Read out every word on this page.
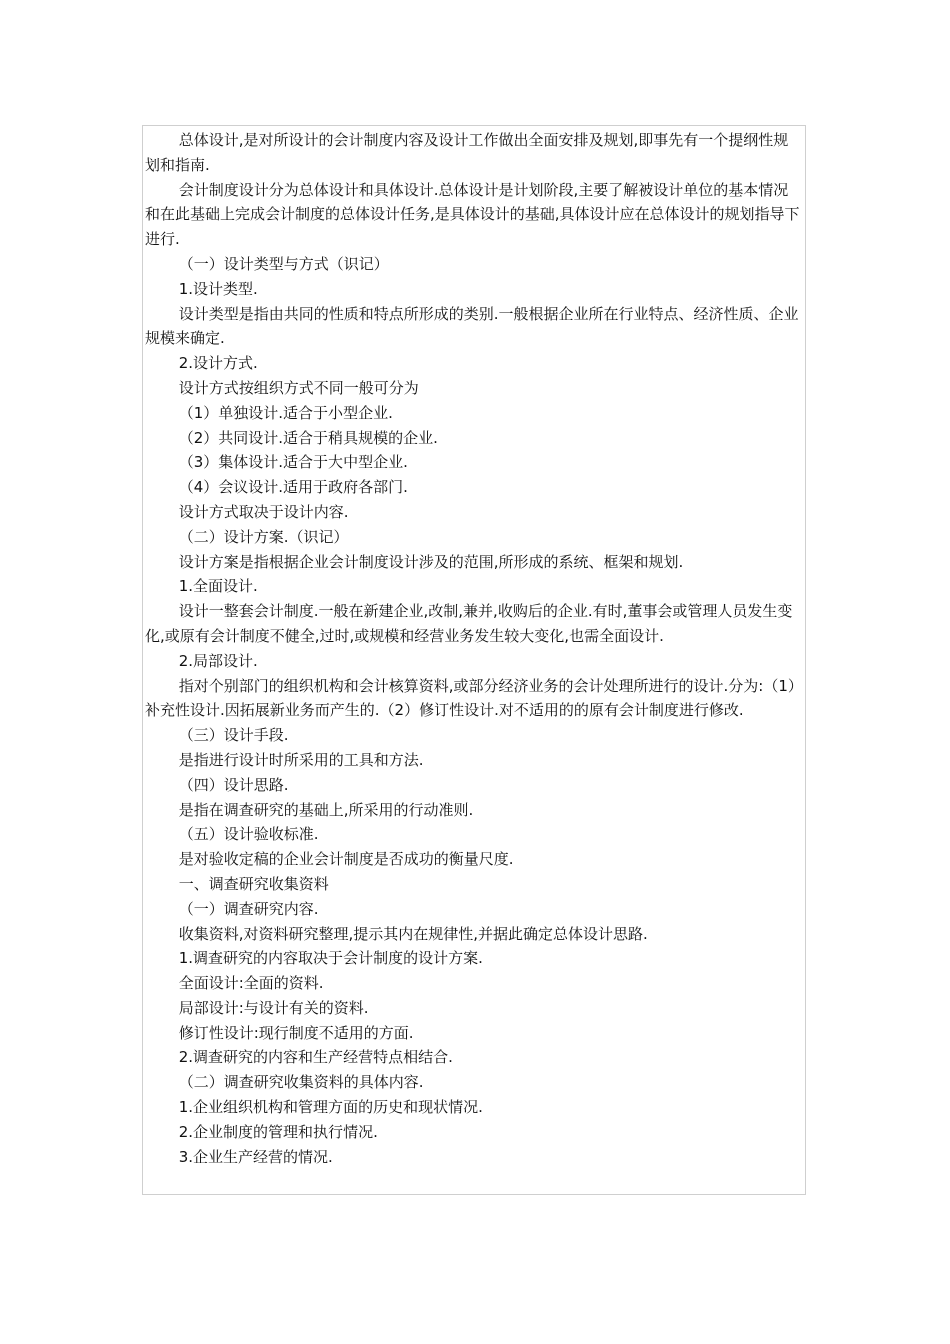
总体设计,是对所设计的会计制度内容及设计工作做出全面安排及规划,即事先有一个提纲性规划和指南.

会计制度设计分为总体设计和具体设计.总体设计是计划阶段,主要了解被设计单位的基本情况和在此基础上完成会计制度的总体设计任务,是具体设计的基础,具体设计应在总体设计的规划指导下进行.

（一）设计类型与方式（识记）

1.设计类型.

设计类型是指由共同的性质和特点所形成的类别.一般根据企业所在行业特点、经济性质、企业规模来确定.

2.设计方式.

设计方式按组织方式不同一般可分为

（1）单独设计.适合于小型企业.

（2）共同设计.适合于稍具规模的企业.

（3）集体设计.适合于大中型企业.

（4）会议设计.适用于政府各部门.

设计方式取决于设计内容.

（二）设计方案.（识记）

设计方案是指根据企业会计制度设计涉及的范围,所形成的系统、框架和规划.

1.全面设计.

设计一整套会计制度.一般在新建企业,改制,兼并,收购后的企业.有时,董事会或管理人员发生变化,或原有会计制度不健全,过时,或规模和经营业务发生较大变化,也需全面设计.

2.局部设计.

指对个别部门的组织机构和会计核算资料,或部分经济业务的会计处理所进行的设计.分为:（1）补充性设计.因拓展新业务而产生的.（2）修订性设计.对不适用的的原有会计制度进行修改.

（三）设计手段.

是指进行设计时所采用的工具和方法.

（四）设计思路.

是指在调查研究的基础上,所采用的行动准则.

（五）设计验收标准.

是对验收定稿的企业会计制度是否成功的衡量尺度.

一、调查研究收集资料

（一）调查研究内容.

收集资料,对资料研究整理,提示其内在规律性,并据此确定总体设计思路.

1.调查研究的内容取决于会计制度的设计方案.

全面设计:全面的资料.

局部设计:与设计有关的资料.

修订性设计:现行制度不适用的方面.

2.调查研究的内容和生产经营特点相结合.

（二）调查研究收集资料的具体内容.

1.企业组织机构和管理方面的历史和现状情况.

2.企业制度的管理和执行情况.

3.企业生产经营的情况.
